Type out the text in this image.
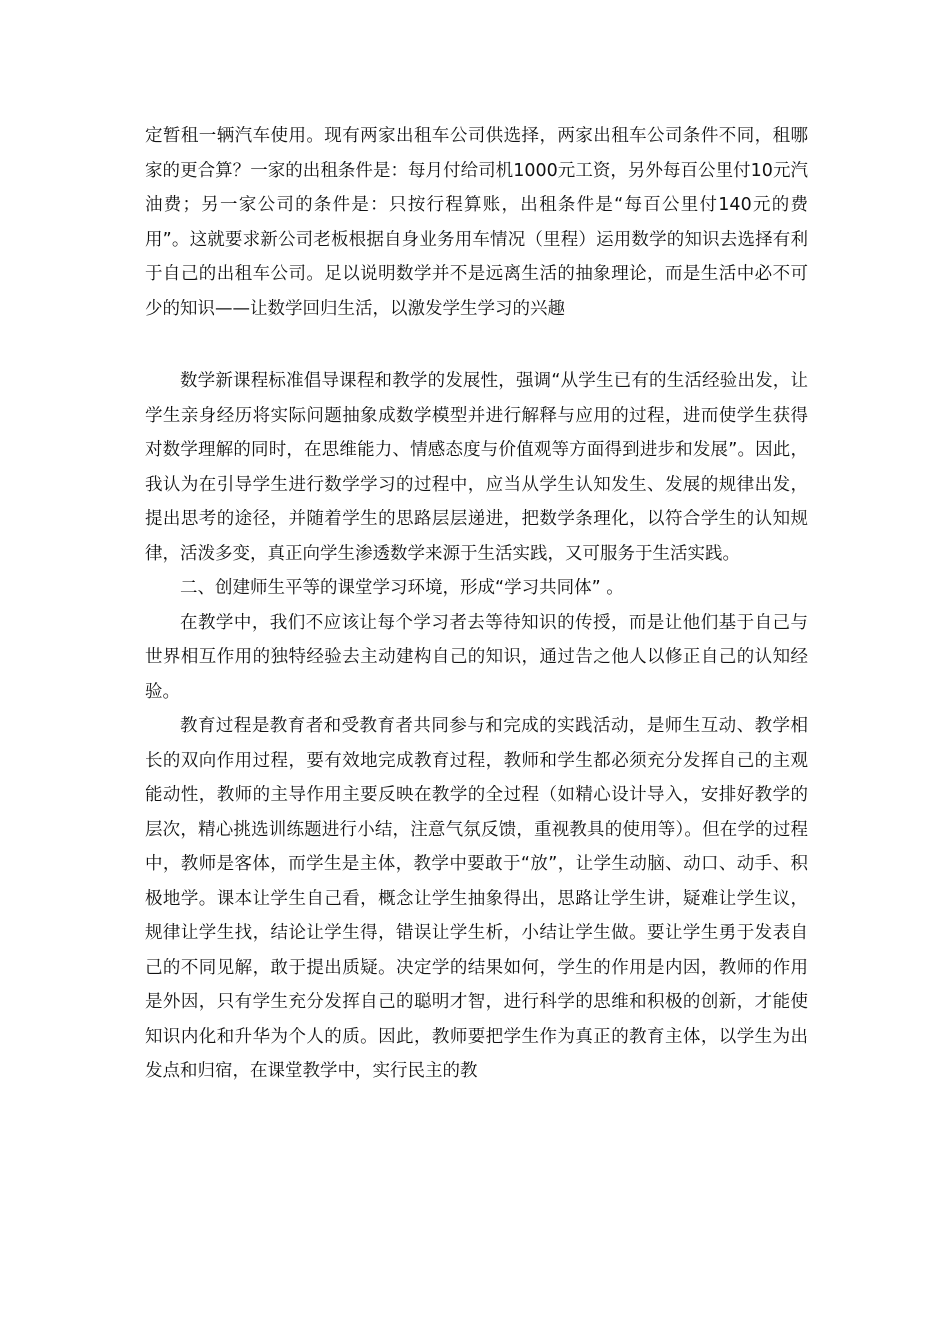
定暂租一辆汽车使用。现有两家出租车公司供选择，两家出租车公司条件不同，租哪家的更合算？一家的出租条件是：每月付给司机1000元工资，另外每百公里付10元汽油费；另一家公司的条件是：只按行程算账，出租条件是“每百公里付140元的费用”。这就要求新公司老板根据自身业务用车情况（里程）运用数学的知识去选择有利于自己的出租车公司。足以说明数学并不是远离生活的抽象理论，而是生活中必不可少的知识——让数学回归生活，以激发学生学习的兴趣

数学新课程标准倡导课程和教学的发展性，强调“从学生已有的生活经验出发，让学生亲身经历将实际问题抽象成数学模型并进行解释与应用的过程，进而使学生获得对数学理解的同时，在思维能力、情感态度与价值观等方面得到进步和发展”。因此，我认为在引导学生进行数学学习的过程中，应当从学生认知发生、发展的规律出发，提出思考的途径，并随着学生的思路层层递进，把数学条理化，以符合学生的认知规律，活泼多变，真正向学生渗透数学来源于生活实践，又可服务于生活实践。

二、创建师生平等的课堂学习环境，形成“学习共同体” 。

在教学中，我们不应该让每个学习者去等待知识的传授，而是让他们基于自己与世界相互作用的独特经验去主动建构自己的知识，通过告之他人以修正自己的认知经验。

教育过程是教育者和受教育者共同参与和完成的实践活动，是师生互动、教学相长的双向作用过程，要有效地完成教育过程，教师和学生都必须充分发挥自己的主观能动性，教师的主导作用主要反映在教学的全过程（如精心设计导入，安排好教学的层次，精心挑选训练题进行小结，注意气氛反馈，重视教具的使用等）。但在学的过程中，教师是客体，而学生是主体，教学中要敢于“放”，让学生动脑、动口、动手、积极地学。课本让学生自己看，概念让学生抽象得出，思路让学生讲，疑难让学生议，规律让学生找，结论让学生得，错误让学生析，小结让学生做。要让学生勇于发表自己的不同见解，敢于提出质疑。决定学的结果如何，学生的作用是内因，教师的作用是外因，只有学生充分发挥自己的聪明才智，进行科学的思维和积极的创新，才能使知识内化和升华为个人的质。因此，教师要把学生作为真正的教育主体，以学生为出发点和归宿，在课堂教学中，实行民主的教
